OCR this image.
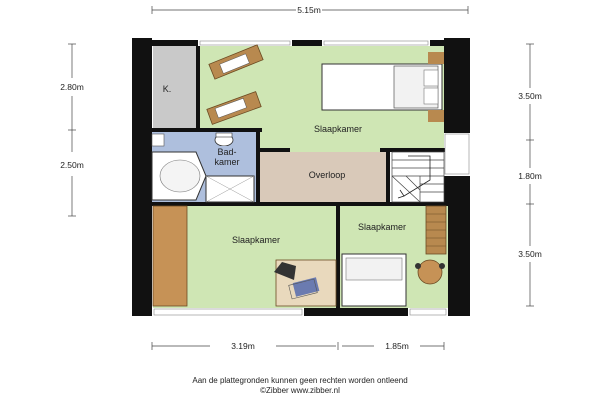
Slaapkamer
K.
Bad-
kamer
Overloop
Slaapkamer
Slaapkamer
5.15m
2.80m
2.50m
3.50m
1.80m
3.50m
3.19m	1.85m
Aan de plattegronden kunnen geen rechten worden ontleend
©Zibber www.zibber.nl
